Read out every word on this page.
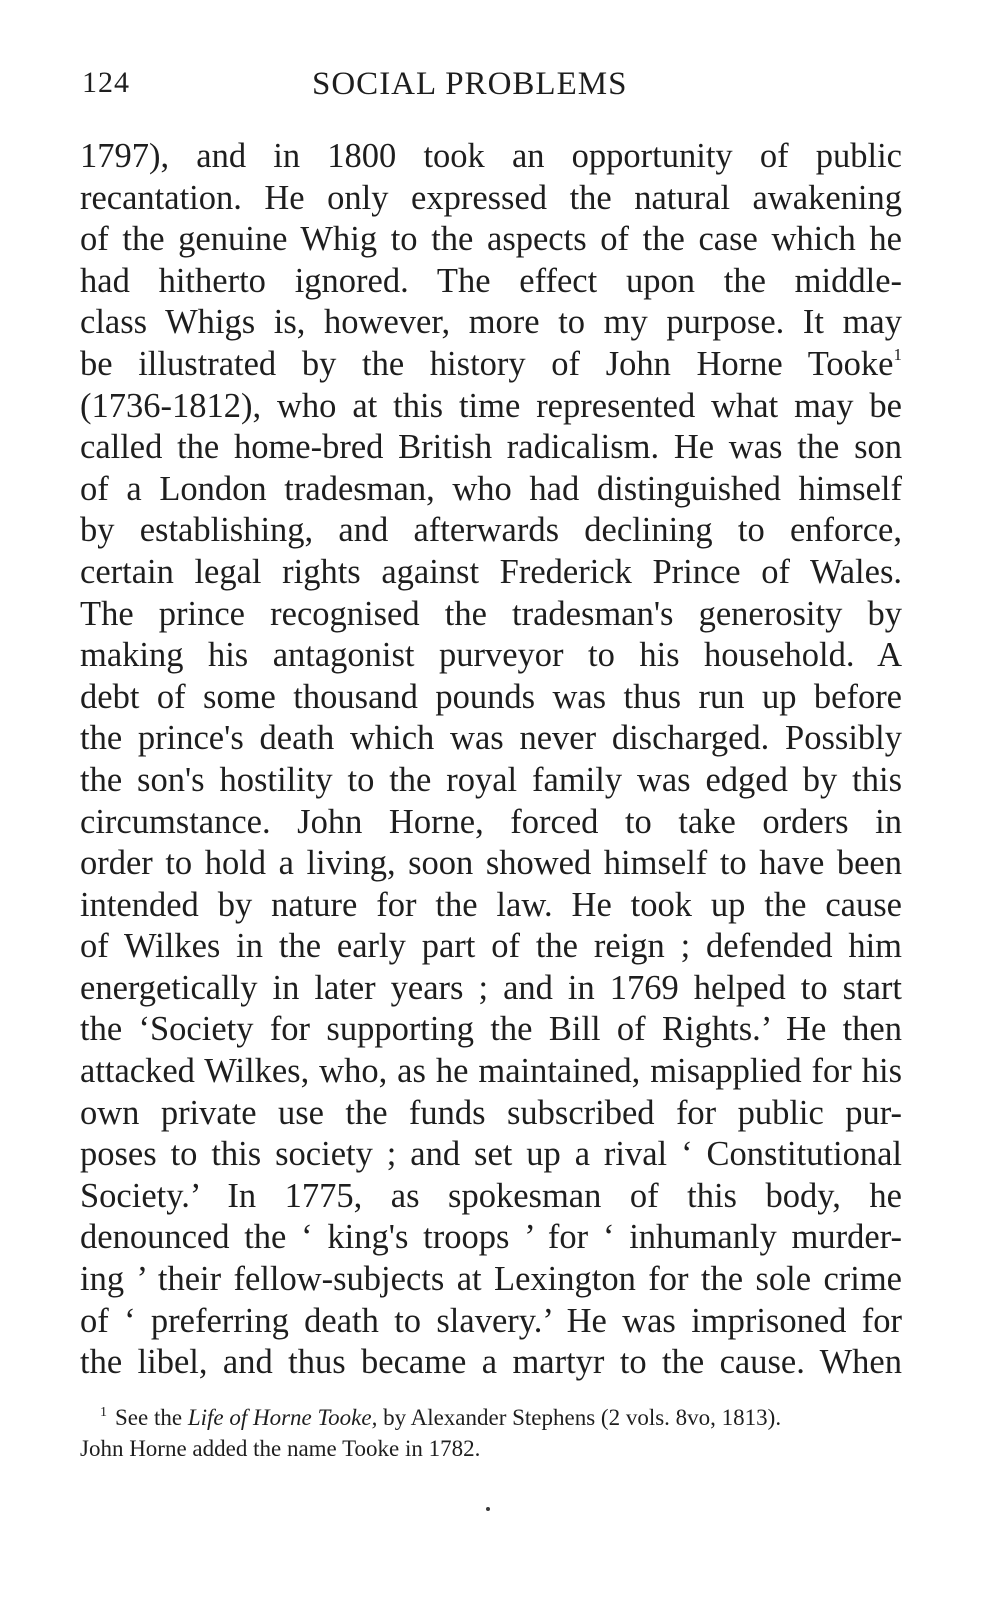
124	SOCIAL PROBLEMS
1797), and in 1800 took an opportunity of public
recantation. He only expressed the natural awakening
of the genuine Whig to the aspects of the case which he
had hitherto ignored. The effect upon the middle-
class Whigs is, however, more to my purpose. It may
be illustrated by the history of John Horne Tooke$^1$
(1736-1812), who at this time represented what may be
called the home-bred British radicalism. He was the son
of a London tradesman, who had distinguished himself
by establishing, and afterwards declining to enforce,
certain legal rights against Frederick Prince of Wales.
The prince recognised the tradesman's generosity by
making his antagonist purveyor to his household. A
debt of some thousand pounds was thus run up before
the prince's death which was never discharged. Possibly
the son's hostility to the royal family was edged by this
circumstance. John Horne, forced to take orders in
order to hold a living, soon showed himself to have been
intended by nature for the law. He took up the cause
of Wilkes in the early part of the reign ; defended him
energetically in later years ; and in 1769 helped to start
the ‘Society for supporting the Bill of Rights.’ He then
attacked Wilkes, who, as he maintained, misapplied for his
own private use the funds subscribed for public pur-
poses to this society ; and set up a rival ‘ Constitutional
Society.’ In 1775, as spokesman of this body, he
denounced the ‘ king's troops ’ for ‘ inhumanly murder-
ing ’ their fellow-subjects at Lexington for the sole crime
of ‘ preferring death to slavery.’ He was imprisoned for
the libel, and thus became a martyr to the cause. When
$^1$ See the Life of Horne Tooke, by Alexander Stephens (2 vols. 8vo, 1813).
John Horne added the name Tooke in 1782.
